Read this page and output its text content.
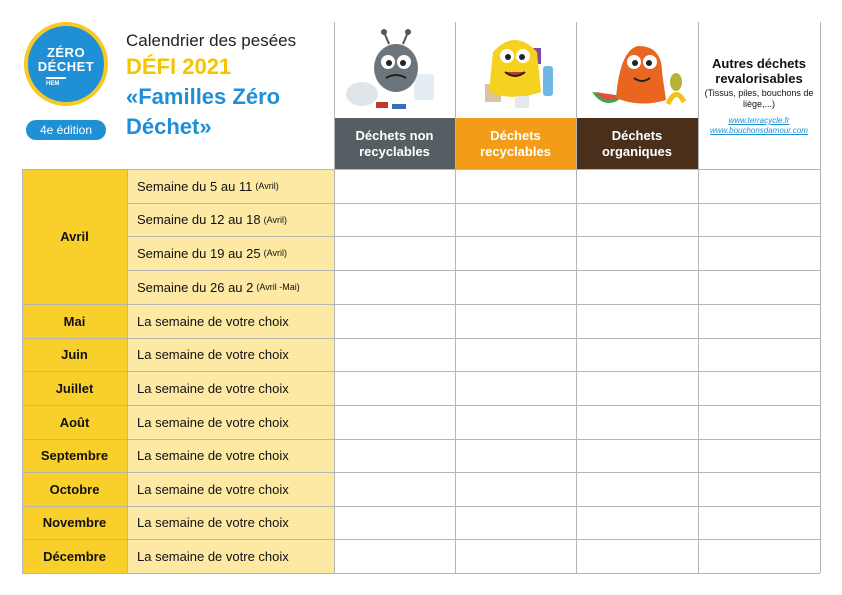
ZÉRO
DÉCHET
HEM
4e édition
Calendrier des pesées
DÉFI 2021
«Familles Zéro
Déchet»	Déchets non recyclables
Déchets recyclables
Déchets organiques
Autres déchets revalorisables
(Tissus, piles, bouchons de liège,...)
www.terracycle.fr
www.bouchonsdamour.com
Avril
Mai
Juin
Juillet
Août
Septembre
Octobre
Novembre
Décembre
Semaine du 5 au 11 (Avril)
Semaine du 12 au 18 (Avril)
Semaine du 19 au 25 (Avril)
Semaine du 26 au 2 (Avril -Mai)
La semaine de votre choix
La semaine de votre choix
La semaine de votre choix
La semaine de votre choix
La semaine de votre choix
La semaine de votre choix
La semaine de votre choix
La semaine de votre choix
